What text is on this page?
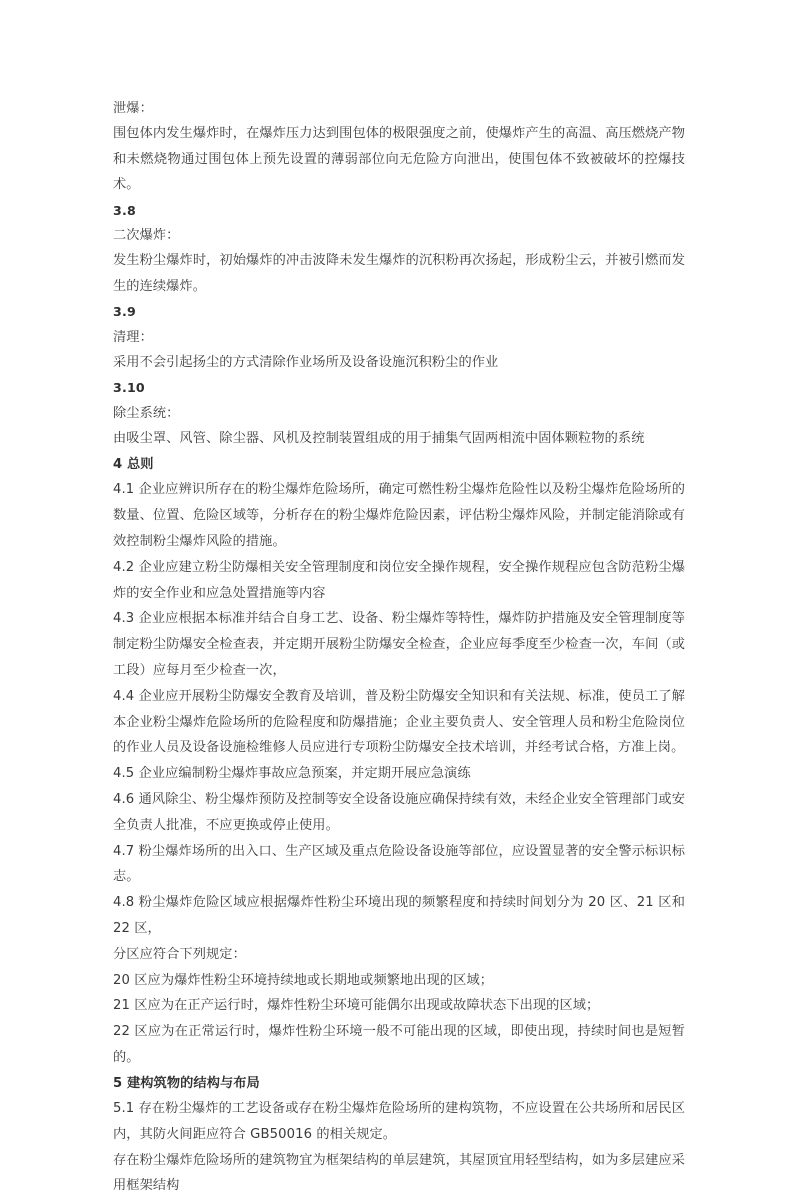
泄爆：

围包体内发生爆炸时，在爆炸压力达到围包体的极限强度之前，使爆炸产生的高温、高压燃烧产物和未燃烧物通过围包体上预先设置的薄弱部位向无危险方向泄出，使围包体不致被破坏的控爆技术。

3.8

二次爆炸：

发生粉尘爆炸时，初始爆炸的冲击波降未发生爆炸的沉积粉再次扬起，形成粉尘云，并被引燃而发生的连续爆炸。

3.9

清理：

采用不会引起扬尘的方式清除作业场所及设备设施沉积粉尘的作业

3.10

除尘系统：

由吸尘罩、风管、除尘器、风机及控制装置组成的用于捕集气固两相流中固体颗粒物的系统

4 总则

4.1 企业应辨识所存在的粉尘爆炸危险场所，确定可燃性粉尘爆炸危险性以及粉尘爆炸危险场所的数量、位置、危险区域等，分析存在的粉尘爆炸危险因素，评估粉尘爆炸风险，并制定能消除或有效控制粉尘爆炸风险的措施。

4.2 企业应建立粉尘防爆相关安全管理制度和岗位安全操作规程，安全操作规程应包含防范粉尘爆炸的安全作业和应急处置措施等内容

4.3 企业应根据本标准并结合自身工艺、设备、粉尘爆炸等特性，爆炸防护措施及安全管理制度等制定粉尘防爆安全检查表，并定期开展粉尘防爆安全检查，企业应每季度至少检查一次，车间（或工段）应每月至少检查一次，

4.4 企业应开展粉尘防爆安全教育及培训，普及粉尘防爆安全知识和有关法规、标准，使员工了解本企业粉尘爆炸危险场所的危险程度和防爆措施；企业主要负责人、安全管理人员和粉尘危险岗位的作业人员及设备设施检维修人员应进行专项粉尘防爆安全技术培训，并经考试合格，方准上岗。

4.5 企业应编制粉尘爆炸事故应急预案，并定期开展应急演练

4.6 通风除尘、粉尘爆炸预防及控制等安全设备设施应确保持续有效，未经企业安全管理部门或安全负责人批准，不应更换或停止使用。

4.7 粉尘爆炸场所的出入口、生产区域及重点危险设备设施等部位，应设置显著的安全警示标识标志。

4.8 粉尘爆炸危险区域应根据爆炸性粉尘环境出现的频繁程度和持续时间划分为 20 区、21 区和 22 区，

分区应符合下列规定：

20 区应为爆炸性粉尘环境持续地或长期地或频繁地出现的区域；

21 区应为在正产运行时，爆炸性粉尘环境可能偶尔出现或故障状态下出现的区域；

22 区应为在正常运行时，爆炸性粉尘环境一般不可能出现的区域，即使出现，持续时间也是短暂的。

5 建构筑物的结构与布局

5.1 存在粉尘爆炸的工艺设备或存在粉尘爆炸危险场所的建构筑物，不应设置在公共场所和居民区内，其防火间距应符合 GB50016 的相关规定。

存在粉尘爆炸危险场所的建筑物宜为框架结构的单层建筑，其屋顶宜用轻型结构，如为多层建应采用框架结构
